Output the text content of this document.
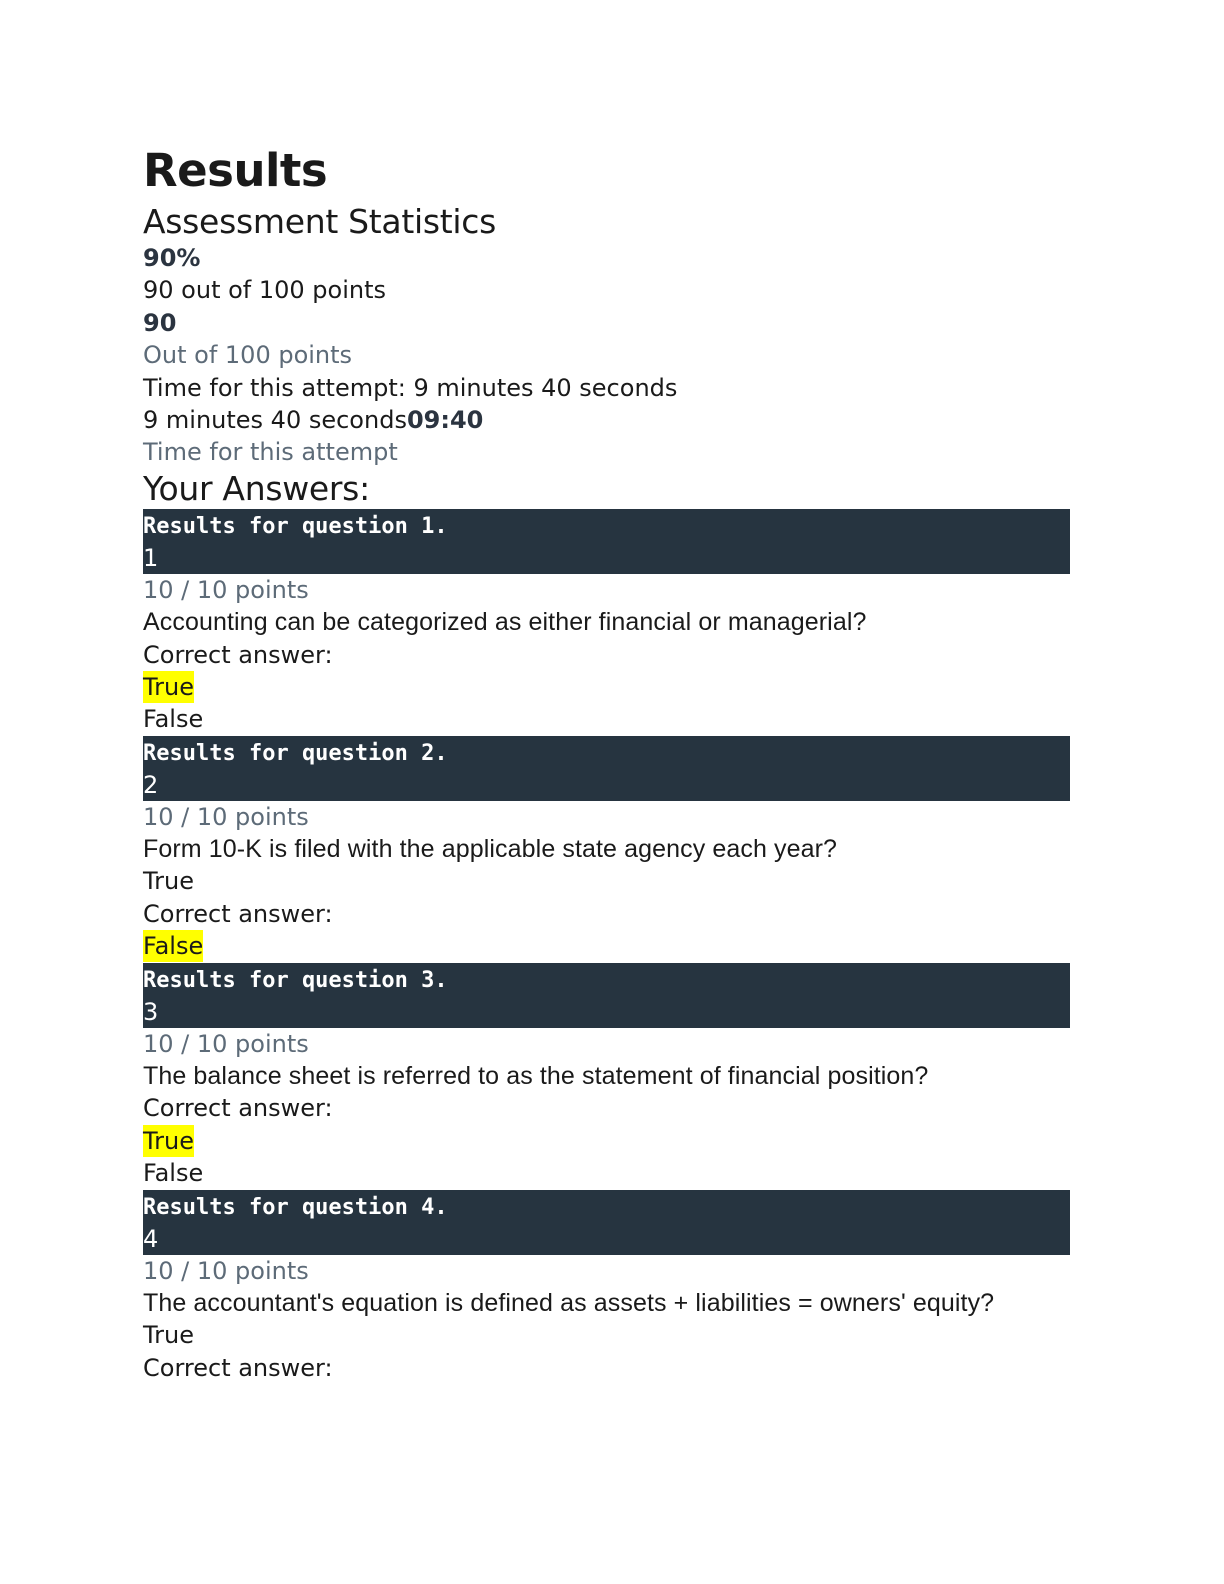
Results
Assessment Statistics
90%
90 out of 100 points
90
Out of 100 points
Time for this attempt: 9 minutes 40 seconds
9 minutes 40 seconds09:40
Time for this attempt
Your Answers:
Results for question 1.
1
10 / 10 points
Accounting can be categorized as either financial or managerial?
Correct answer:
True
False
Results for question 2.
2
10 / 10 points
Form 10-K is filed with the applicable state agency each year?
True
Correct answer:
False
Results for question 3.
3
10 / 10 points
The balance sheet is referred to as the statement of financial position?
Correct answer:
True
False
Results for question 4.
4
10 / 10 points
The accountant's equation is defined as assets + liabilities = owners' equity?
True
Correct answer:
